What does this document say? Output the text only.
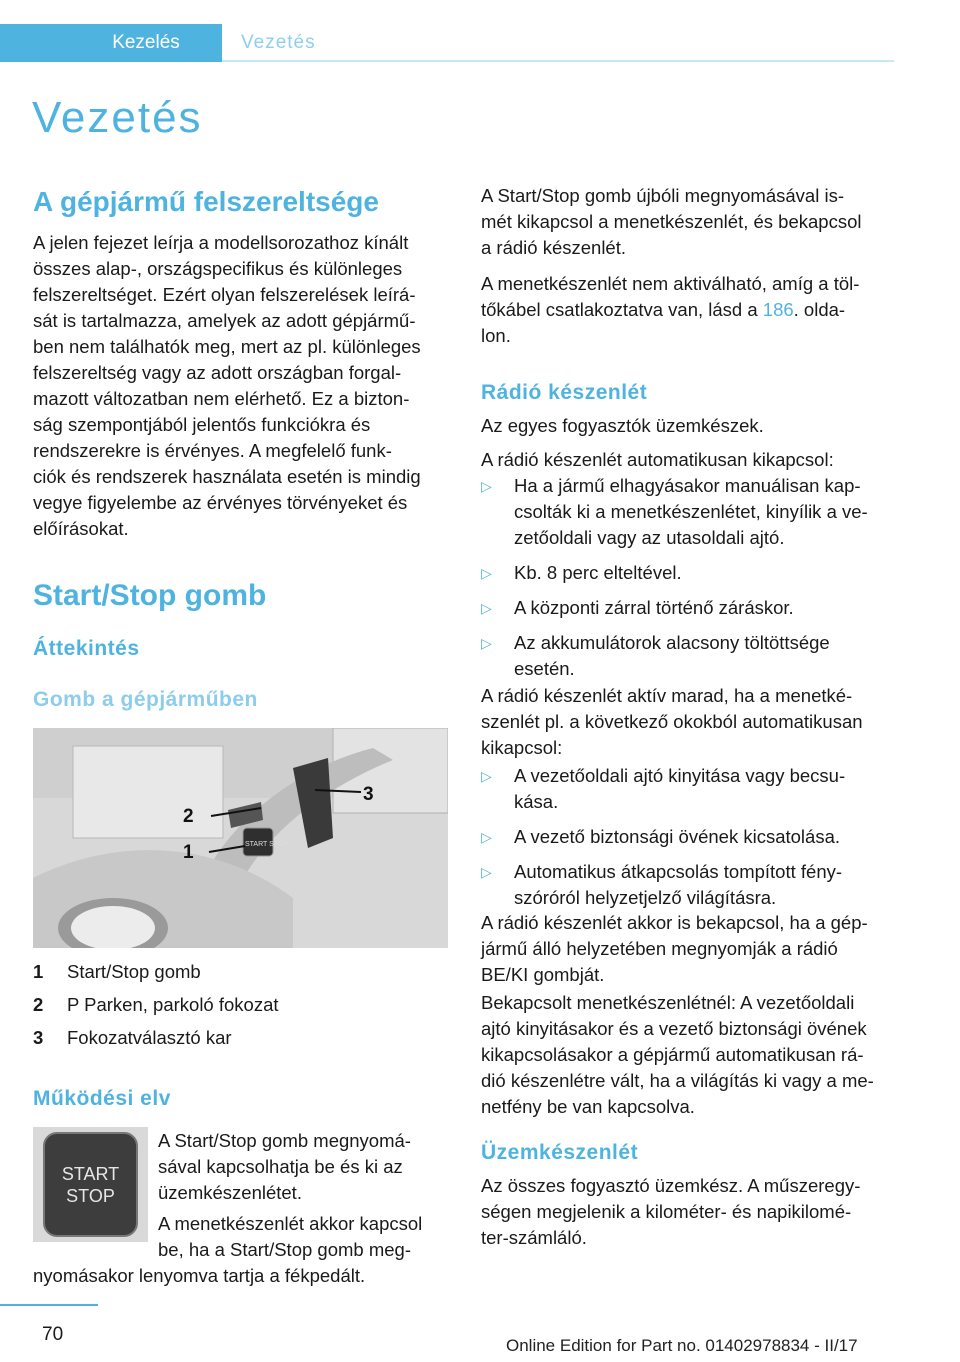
Kezelés	Vezetés
Vezetés
A gépjármű felszereltsége
A jelen fejezet leírja a modellsorozathoz kínált
összes alap-, országspecifikus és különleges
felszereltséget. Ezért olyan felszerelések leírá‐
sát is tartalmazza, amelyek az adott gépjármű‐
ben nem találhatók meg, mert az pl. különleges
felszereltség vagy az adott országban forgal‐
mazott változatban nem elérhető. Ez a bizton‐
ság szempontjából jelentős funkciókra és
rendszerekre is érvényes. A megfelelő funk‐
ciók és rendszerek használata esetén is mindig
vegye figyelembe az érvényes törvényeket és
előírásokat.
Start/Stop gomb
Áttekintés
Gomb a gépjárműben
START STOP
2
1
3
1	Start/Stop gomb
2	P Parken, parkoló fokozat
3	Fokozatválasztó kar
Működési elv
START
STOP
A Start/Stop gomb megnyomá‐
sával kapcsolhatja be és ki az
üzemkészenlétet.
A menetkészenlét akkor kapcsol
be, ha a Start/Stop gomb meg‐
nyomásakor lenyomva tartja a fékpedált.
A Start/Stop gomb újbóli megnyomásával is‐
mét kikapcsol a menetkészenlét, és bekapcsol
a rádió készenlét.
A menetkészenlét nem aktiválható, amíg a töl‐
tőkábel csatlakoztatva van, lásd a 186. olda‐
lon.
Rádió készenlét
Az egyes fogyasztók üzemkészek.
A rádió készenlét automatikusan kikapcsol:
▷ Ha a jármű elhagyásakor manuálisan kap‐
csolták ki a menetkészenlétet, kinyílik a ve‐
zetőoldali vagy az utasoldali ajtó.
▷ Kb. 8 perc elteltével.
▷ A központi zárral történő záráskor.
▷ Az akkumulátorok alacsony töltöttsége
esetén.
A rádió készenlét aktív marad, ha a menetké‐
szenlét pl. a következő okokból automatikusan
kikapcsol:
▷ A vezetőoldali ajtó kinyitása vagy becsu‐
kása.
▷ A vezető biztonsági övének kicsatolása.
▷ Automatikus átkapcsolás tompított fény‐
szóróról helyzetjelző világításra.
A rádió készenlét akkor is bekapcsol, ha a gép‐
jármű álló helyzetében megnyomják a rádió
BE/KI gombját.
Bekapcsolt menetkészenlétnél: A vezetőoldali
ajtó kinyitásakor és a vezető biztonsági övének
kikapcsolásakor a gépjármű automatikusan rá‐
dió készenlétre vált, ha a világítás ki vagy a me‐
netfény be van kapcsolva.
Üzemkészenlét
Az összes fogyasztó üzemkész. A műszeregy‐
ségen megjelenik a kilométer- és napikilomé‐
ter-számláló.
70
Online Edition for Part no. 01402978834 - II/17
